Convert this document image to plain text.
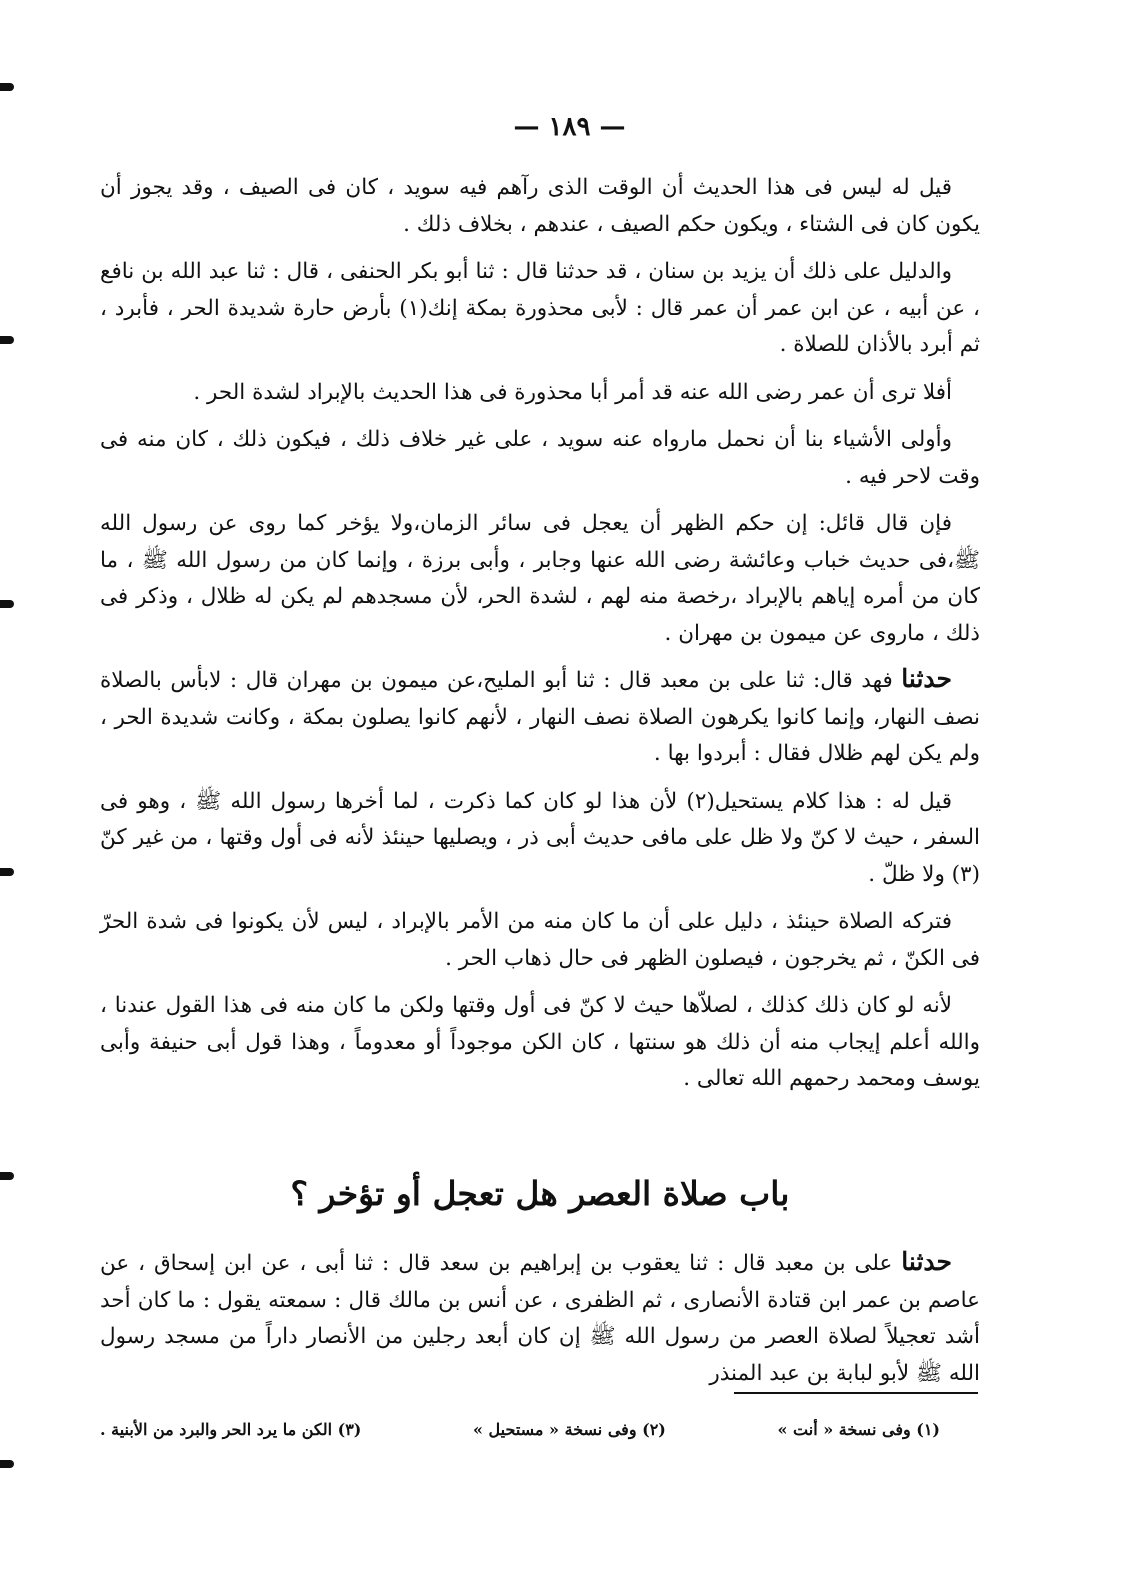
— ١٨٩ —

قيل له ليس فى هذا الحديث أن الوقت الذى رآهم فيه سويد ، كان فى الصيف ، وقد يجوز أن يكون كان فى الشتاء ، ويكون حكم الصيف ، عندهم ، بخلاف ذلك .

والدليل على ذلك أن يزيد بن سنان ، قد حدثنا قال : ثنا أبو بكر الحنفى ، قال : ثنا عبد الله بن نافع ، عن أبيه ، عن ابن عمر أن عمر قال : لأبى محذورة بمكة إنك(١) بأرض حارة شديدة الحر ، فأبرد ، ثم أبرد بالأذان للصلاة .

أفلا ترى أن عمر رضى الله عنه قد أمر أبا محذورة فى هذا الحديث بالإبراد لشدة الحر .

وأولى الأشياء بنا أن نحمل مارواه عنه سويد ، على غير خلاف ذلك ، فيكون ذلك ، كان منه فى وقت لاحر فيه .

فإن قال قائل: إن حكم الظهر أن يعجل فى سائر الزمان،ولا يؤخر كما روى عن رسول الله ﷺ،فى حديث خباب وعائشة رضى الله عنها وجابر ، وأبى برزة ، وإنما كان من رسول الله ﷺ ، ما كان من أمره إياهم بالإبراد ،رخصة منه لهم ، لشدة الحر، لأن مسجدهم لم يكن له ظلال ، وذكر فى ذلك ، ماروى عن ميمون بن مهران .

حدثنا فهد قال: ثنا على بن معبد قال : ثنا أبو المليح،عن ميمون بن مهران قال : لابأس بالصلاة نصف النهار، وإنما كانوا يكرهون الصلاة نصف النهار ، لأنهم كانوا يصلون بمكة ، وكانت شديدة الحر ، ولم يكن لهم ظلال فقال : أبردوا بها .

قيل له : هذا كلام يستحيل(٢) لأن هذا لو كان كما ذكرت ، لما أخرها رسول الله ﷺ ، وهو فى السفر ، حيث لا كنّ ولا ظل على مافى حديث أبى ذر ، ويصليها حينئذ لأنه فى أول وقتها ، من غير كنّ (٣) ولا ظلّ .

فتركه الصلاة حينئذ ، دليل على أن ما كان منه من الأمر بالإبراد ، ليس لأن يكونوا فى شدة الحرّ فى الكنّ ، ثم يخرجون ، فيصلون الظهر فى حال ذهاب الحر .

لأنه لو كان ذلك كذلك ، لصلاّها حيث لا كنّ فى أول وقتها ولكن ما كان منه فى هذا القول عندنا ، والله أعلم إيجاب منه أن ذلك هو سنتها ، كان الكن موجوداً أو معدوماً ، وهذا قول أبى حنيفة وأبى يوسف ومحمد رحمهم الله تعالى .

باب صلاة العصر هل تعجل أو تؤخر ؟

حدثنا على بن معبد قال : ثنا يعقوب بن إبراهيم بن سعد قال : ثنا أبى ، عن ابن إسحاق ، عن عاصم بن عمر ابن قتادة الأنصارى ، ثم الظفرى ، عن أنس بن مالك قال : سمعته يقول : ما كان أحد أشد تعجيلاً لصلاة العصر من رسول الله ﷺ إن كان أبعد رجلين من الأنصار داراً من مسجد رسول الله ﷺ لأبو لبابة بن عبد المنذر

(١) وفى نسخة « أنت »
(٢) وفى نسخة « مستحيل »
(٣) الكن ما يرد الحر والبرد من الأبنية .
